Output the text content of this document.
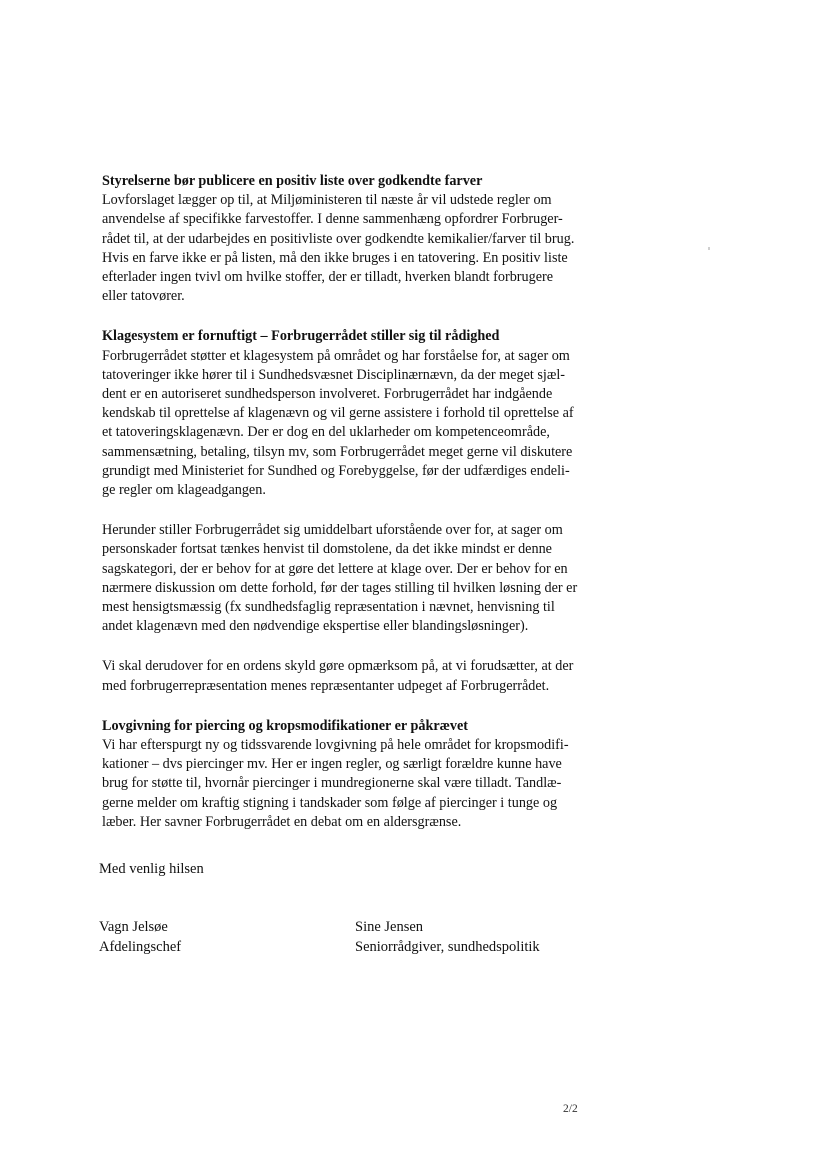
Styrelserne bør publicere en positiv liste over godkendte farver
Lovforslaget lægger op til, at Miljøministeren til næste år vil udstede regler om
anvendelse af specifikke farvestoffer. I denne sammenhæng opfordrer Forbruger-
rådet til, at der udarbejdes en positivliste over godkendte kemikalier/farver til brug.
Hvis en farve ikke er på listen, må den ikke bruges i en tatovering. En positiv liste
efterlader ingen tvivl om hvilke stoffer, der er tilladt, hverken blandt forbrugere
eller tatovører.
Klagesystem er fornuftigt – Forbrugerrådet stiller sig til rådighed
Forbrugerrådet støtter et klagesystem på området og har forståelse for, at sager om
tatoveringer ikke hører til i Sundhedsvæsnet Disciplinærnævn, da der meget sjæl-
dent er en autoriseret sundhedsperson involveret. Forbrugerrådet har indgående
kendskab til oprettelse af klagenævn og vil gerne assistere i forhold til oprettelse af
et tatoveringsklagenævn. Der er dog en del uklarheder om kompetenceområde,
sammensætning, betaling, tilsyn mv, som Forbrugerrådet meget gerne vil diskutere
grundigt med Ministeriet for Sundhed og Forebyggelse, før der udfærdiges endeli-
ge regler om klageadgangen.
Herunder stiller Forbrugerrådet sig umiddelbart uforstående over for, at sager om
personskader fortsat tænkes henvist til domstolene, da det ikke mindst er denne
sagskategori, der er behov for at gøre det lettere at klage over. Der er behov for en
nærmere diskussion om dette forhold, før der tages stilling til hvilken løsning der er
mest hensigtsmæssig (fx sundhedsfaglig repræsentation i nævnet, henvisning til
andet klagenævn med den nødvendige ekspertise eller blandingsløsninger).
Vi skal derudover for en ordens skyld gøre opmærksom på, at vi forudsætter, at der
med forbrugerrepræsentation menes repræsentanter udpeget af Forbrugerrådet.
Lovgivning for piercing og kropsmodifikationer er påkrævet
Vi har efterspurgt ny og tidssvarende lovgivning på hele området for kropsmodifi-
kationer – dvs piercinger mv. Her er ingen regler, og særligt forældre kunne have
brug for støtte til, hvornår piercinger i mundregionerne skal være tilladt. Tandlæ-
gerne melder om kraftig stigning i tandskader som følge af piercinger i tunge og
læber. Her savner Forbrugerrådet en debat om en aldersgrænse.
Med venlig hilsen
Vagn Jelsøe
Afdelingschef
Sine Jensen
Seniorrådgiver, sundhedspolitik
2/2
